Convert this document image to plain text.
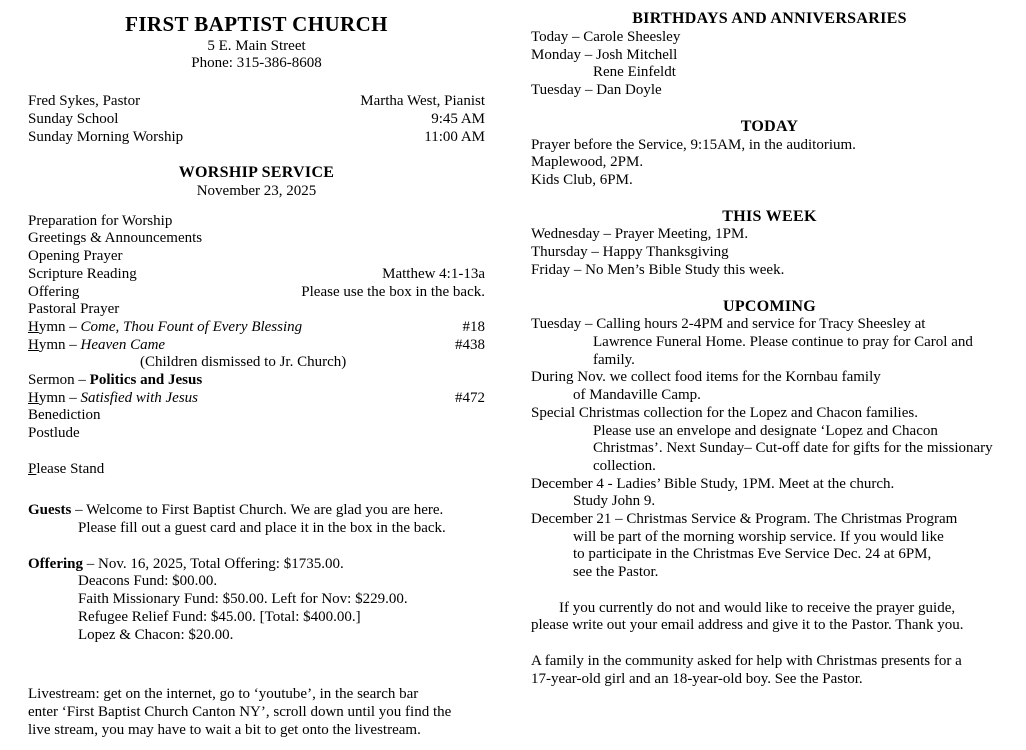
FIRST BAPTIST CHURCH
5 E. Main Street
Phone: 315-386-8608
Fred Sykes, Pastor	Martha West, Pianist
Sunday School	9:45 AM
Sunday Morning Worship	11:00 AM
WORSHIP SERVICE
November 23, 2025
Preparation for Worship
Greetings & Announcements
Opening Prayer
Scripture Reading	Matthew 4:1-13a
Offering	Please use the box in the back.
Pastoral Prayer
Hymn – Come, Thou Fount of Every Blessing	#18
Hymn – Heaven Came	#438
(Children dismissed to Jr. Church)
Sermon – Politics and Jesus
Hymn – Satisfied with Jesus	#472
Benediction
Postlude
Please Stand
Guests – Welcome to First Baptist Church. We are glad you are here.
Please fill out a guest card and place it in the box in the back.
Offering – Nov. 16, 2025, Total Offering: $1735.00.
Deacons Fund: $00.00.
Faith Missionary Fund: $50.00. Left for Nov: $229.00.
Refugee Relief Fund: $45.00. [Total: $400.00.]
Lopez & Chacon: $20.00.
Livestream: get on the internet, go to ‘youtube’, in the search bar
enter ‘First Baptist Church Canton NY’, scroll down until you find the
live stream, you may have to wait a bit to get onto the livestream.
BIRTHDAYS AND ANNIVERSARIES
Today – Carole Sheesley
Monday – Josh Mitchell
Rene Einfeldt
Tuesday – Dan Doyle
TODAY
Prayer before the Service, 9:15AM, in the auditorium.
Maplewood, 2PM.
Kids Club, 6PM.
THIS WEEK
Wednesday – Prayer Meeting, 1PM.
Thursday – Happy Thanksgiving
Friday – No Men’s Bible Study this week.
UPCOMING
Tuesday – Calling hours 2-4PM and service for Tracy Sheesley at
Lawrence Funeral Home. Please continue to pray for Carol and
family.
During Nov. we collect food items for the Kornbau family
of Mandaville Camp.
Special Christmas collection for the Lopez and Chacon families.
Please use an envelope and designate ‘Lopez and Chacon
Christmas’. Next Sunday– Cut-off date for gifts for the missionary
collection.
December 4 - Ladies’ Bible Study, 1PM. Meet at the church.
Study John 9.
December 21 – Christmas Service & Program. The Christmas Program
will be part of the morning worship service. If you would like
to participate in the Christmas Eve Service Dec. 24 at 6PM,
see the Pastor.
If you currently do not and would like to receive the prayer guide,
please write out your email address and give it to the Pastor. Thank you.
A family in the community asked for help with Christmas presents for a
17-year-old girl and an 18-year-old boy. See the Pastor.
